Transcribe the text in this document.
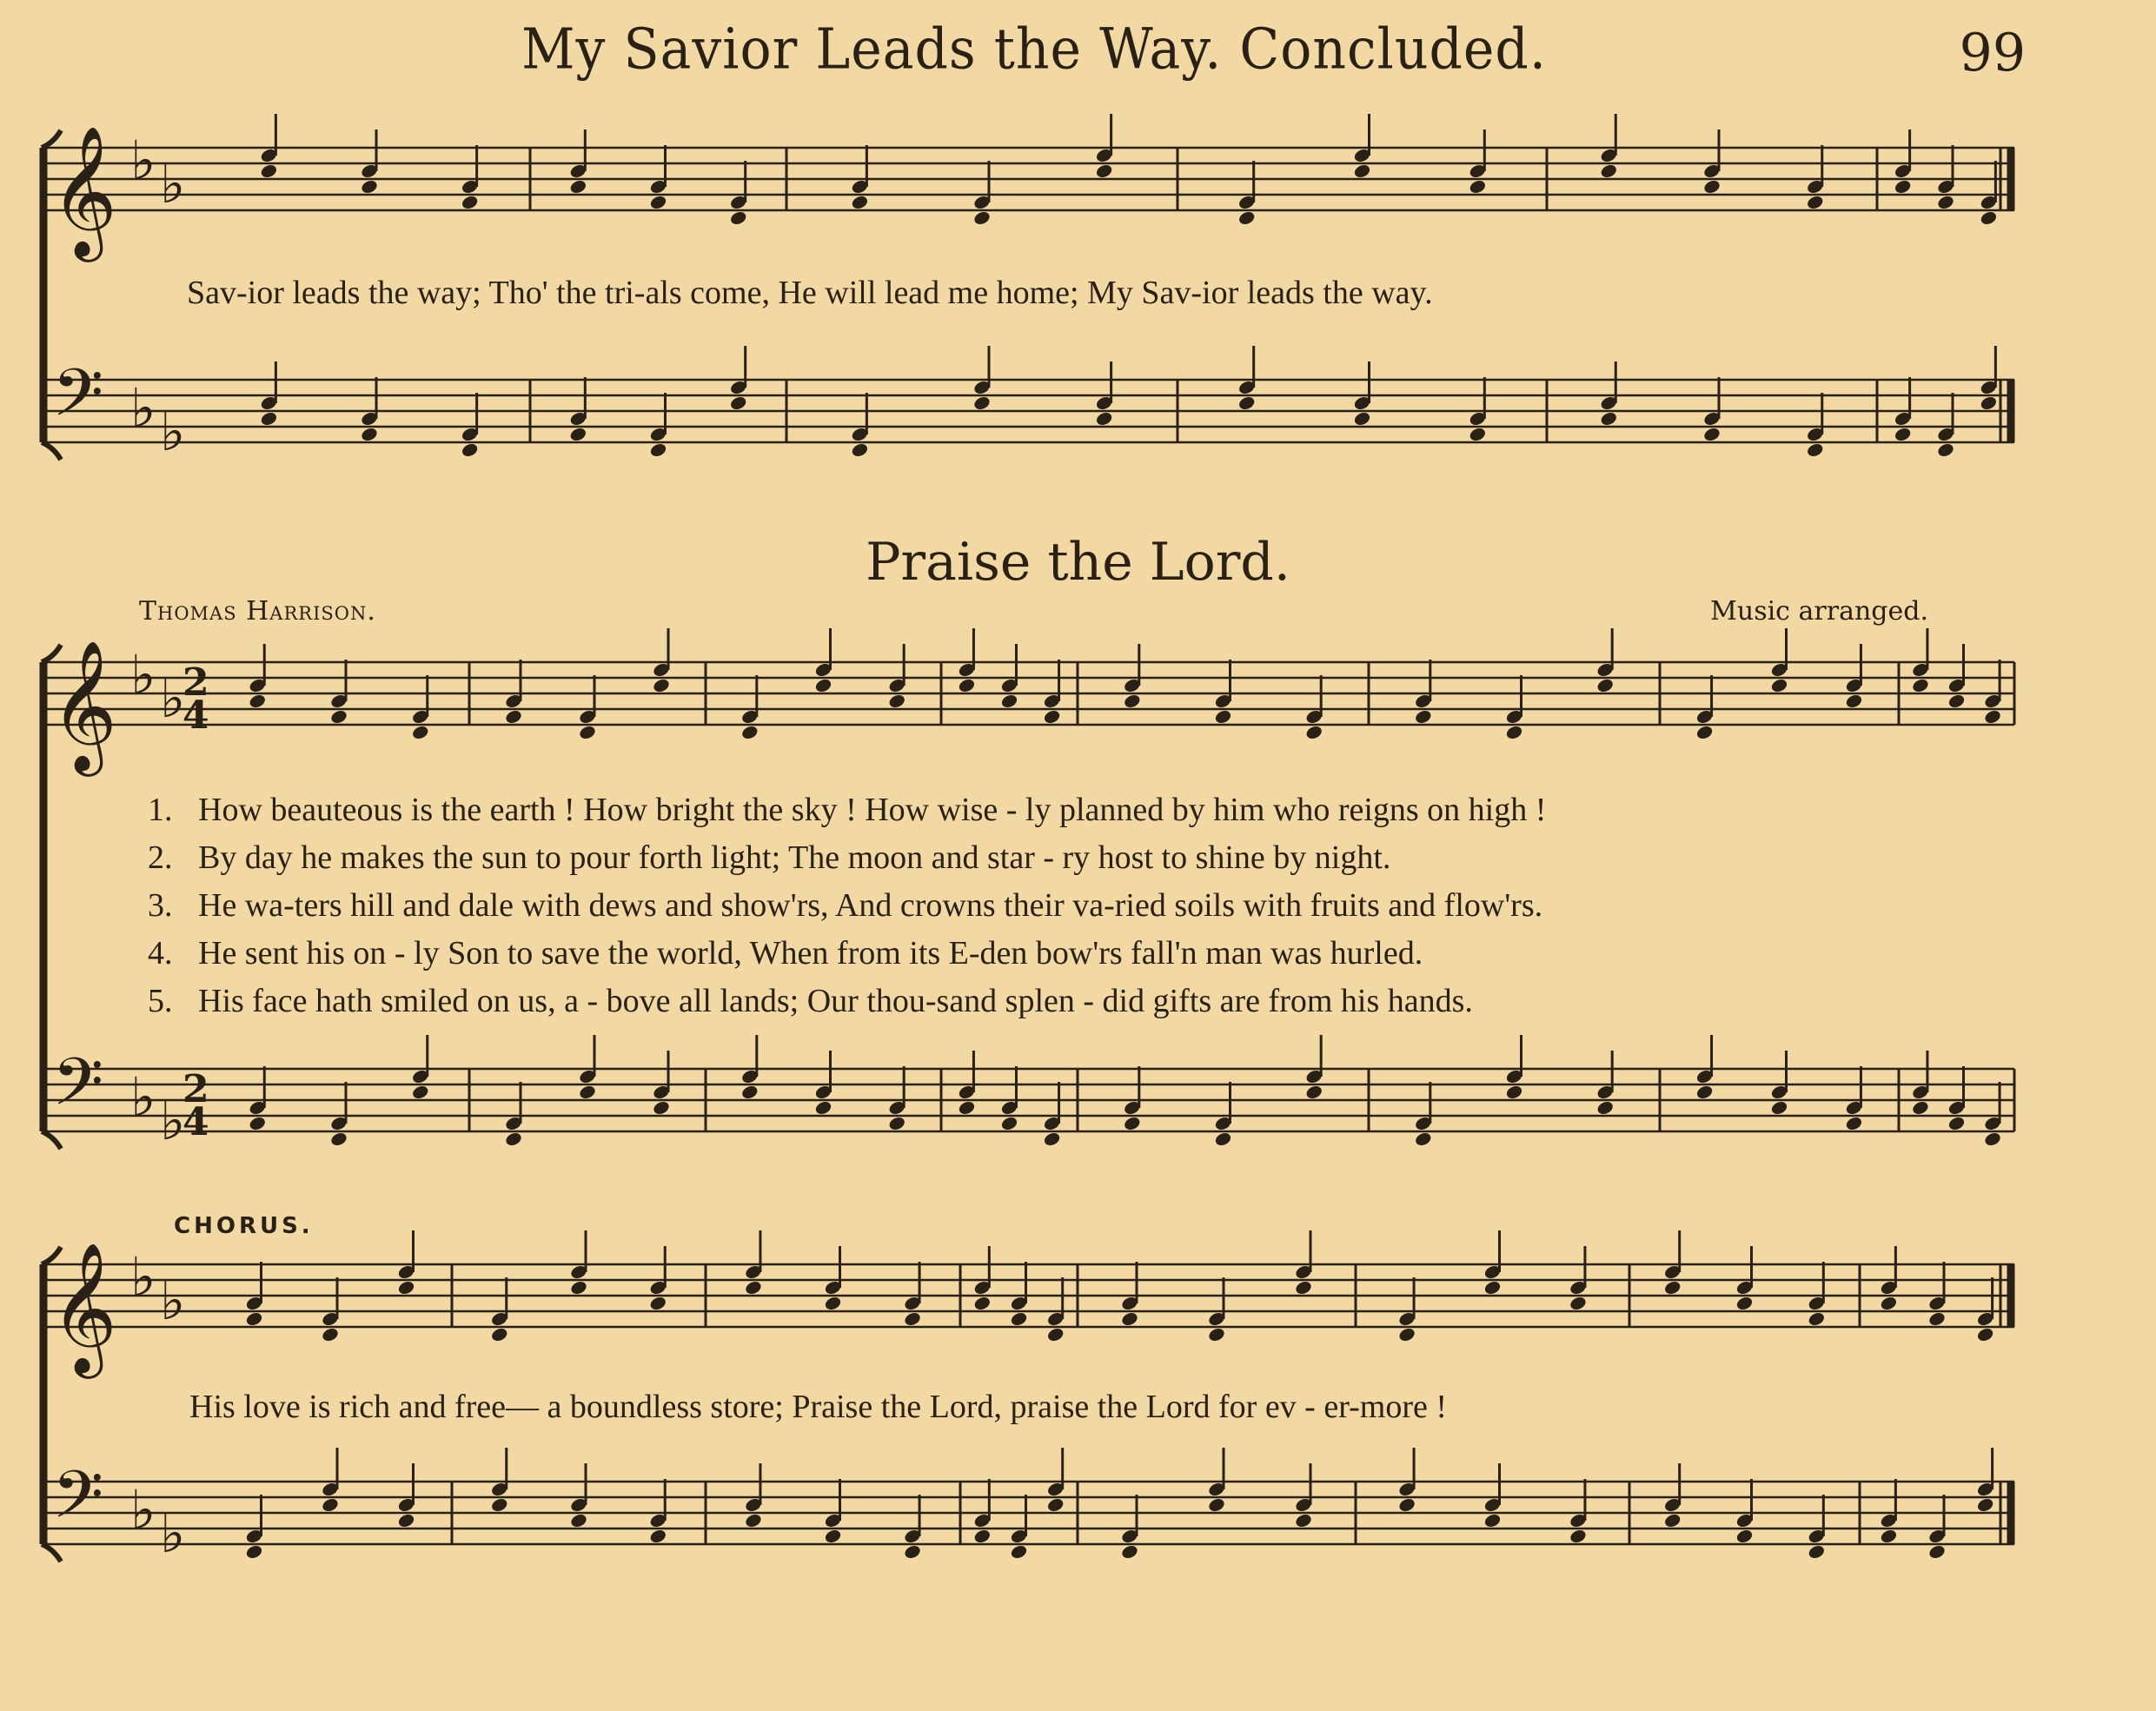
My Savior Leads the Way. Concluded.	99
𝄞 ♭ ♭
𝄢 ♭ ♭
𝄞 ♭ ♭
2
4
𝄢 ♭ ♭
2
4
𝄞 ♭ ♭
𝄢 ♭ ♭
Sav-ior leads the way; Tho' the tri-als come, He will lead me home; My Sav-ior leads the way.
Praise the Lord.
Thomas Harrison.	Music arranged.
1. How beauteous is the earth ! How bright the sky ! How wise - ly planned by him who reigns on high !
2. By day he makes the sun to pour forth light; The moon and star - ry host to shine by night.
3. He wa-ters hill and dale with dews and show'rs, And crowns their va-ried soils with fruits and flow'rs.
4. He sent his on - ly Son to save the world, When from its E-den bow'rs fall'n man was hurled.
5. His face hath smiled on us, a - bove all lands; Our thou-sand splen - did gifts are from his hands.
CHORUS.
His love is rich and free— a boundless store; Praise the Lord, praise the Lord for ev - er-more !
